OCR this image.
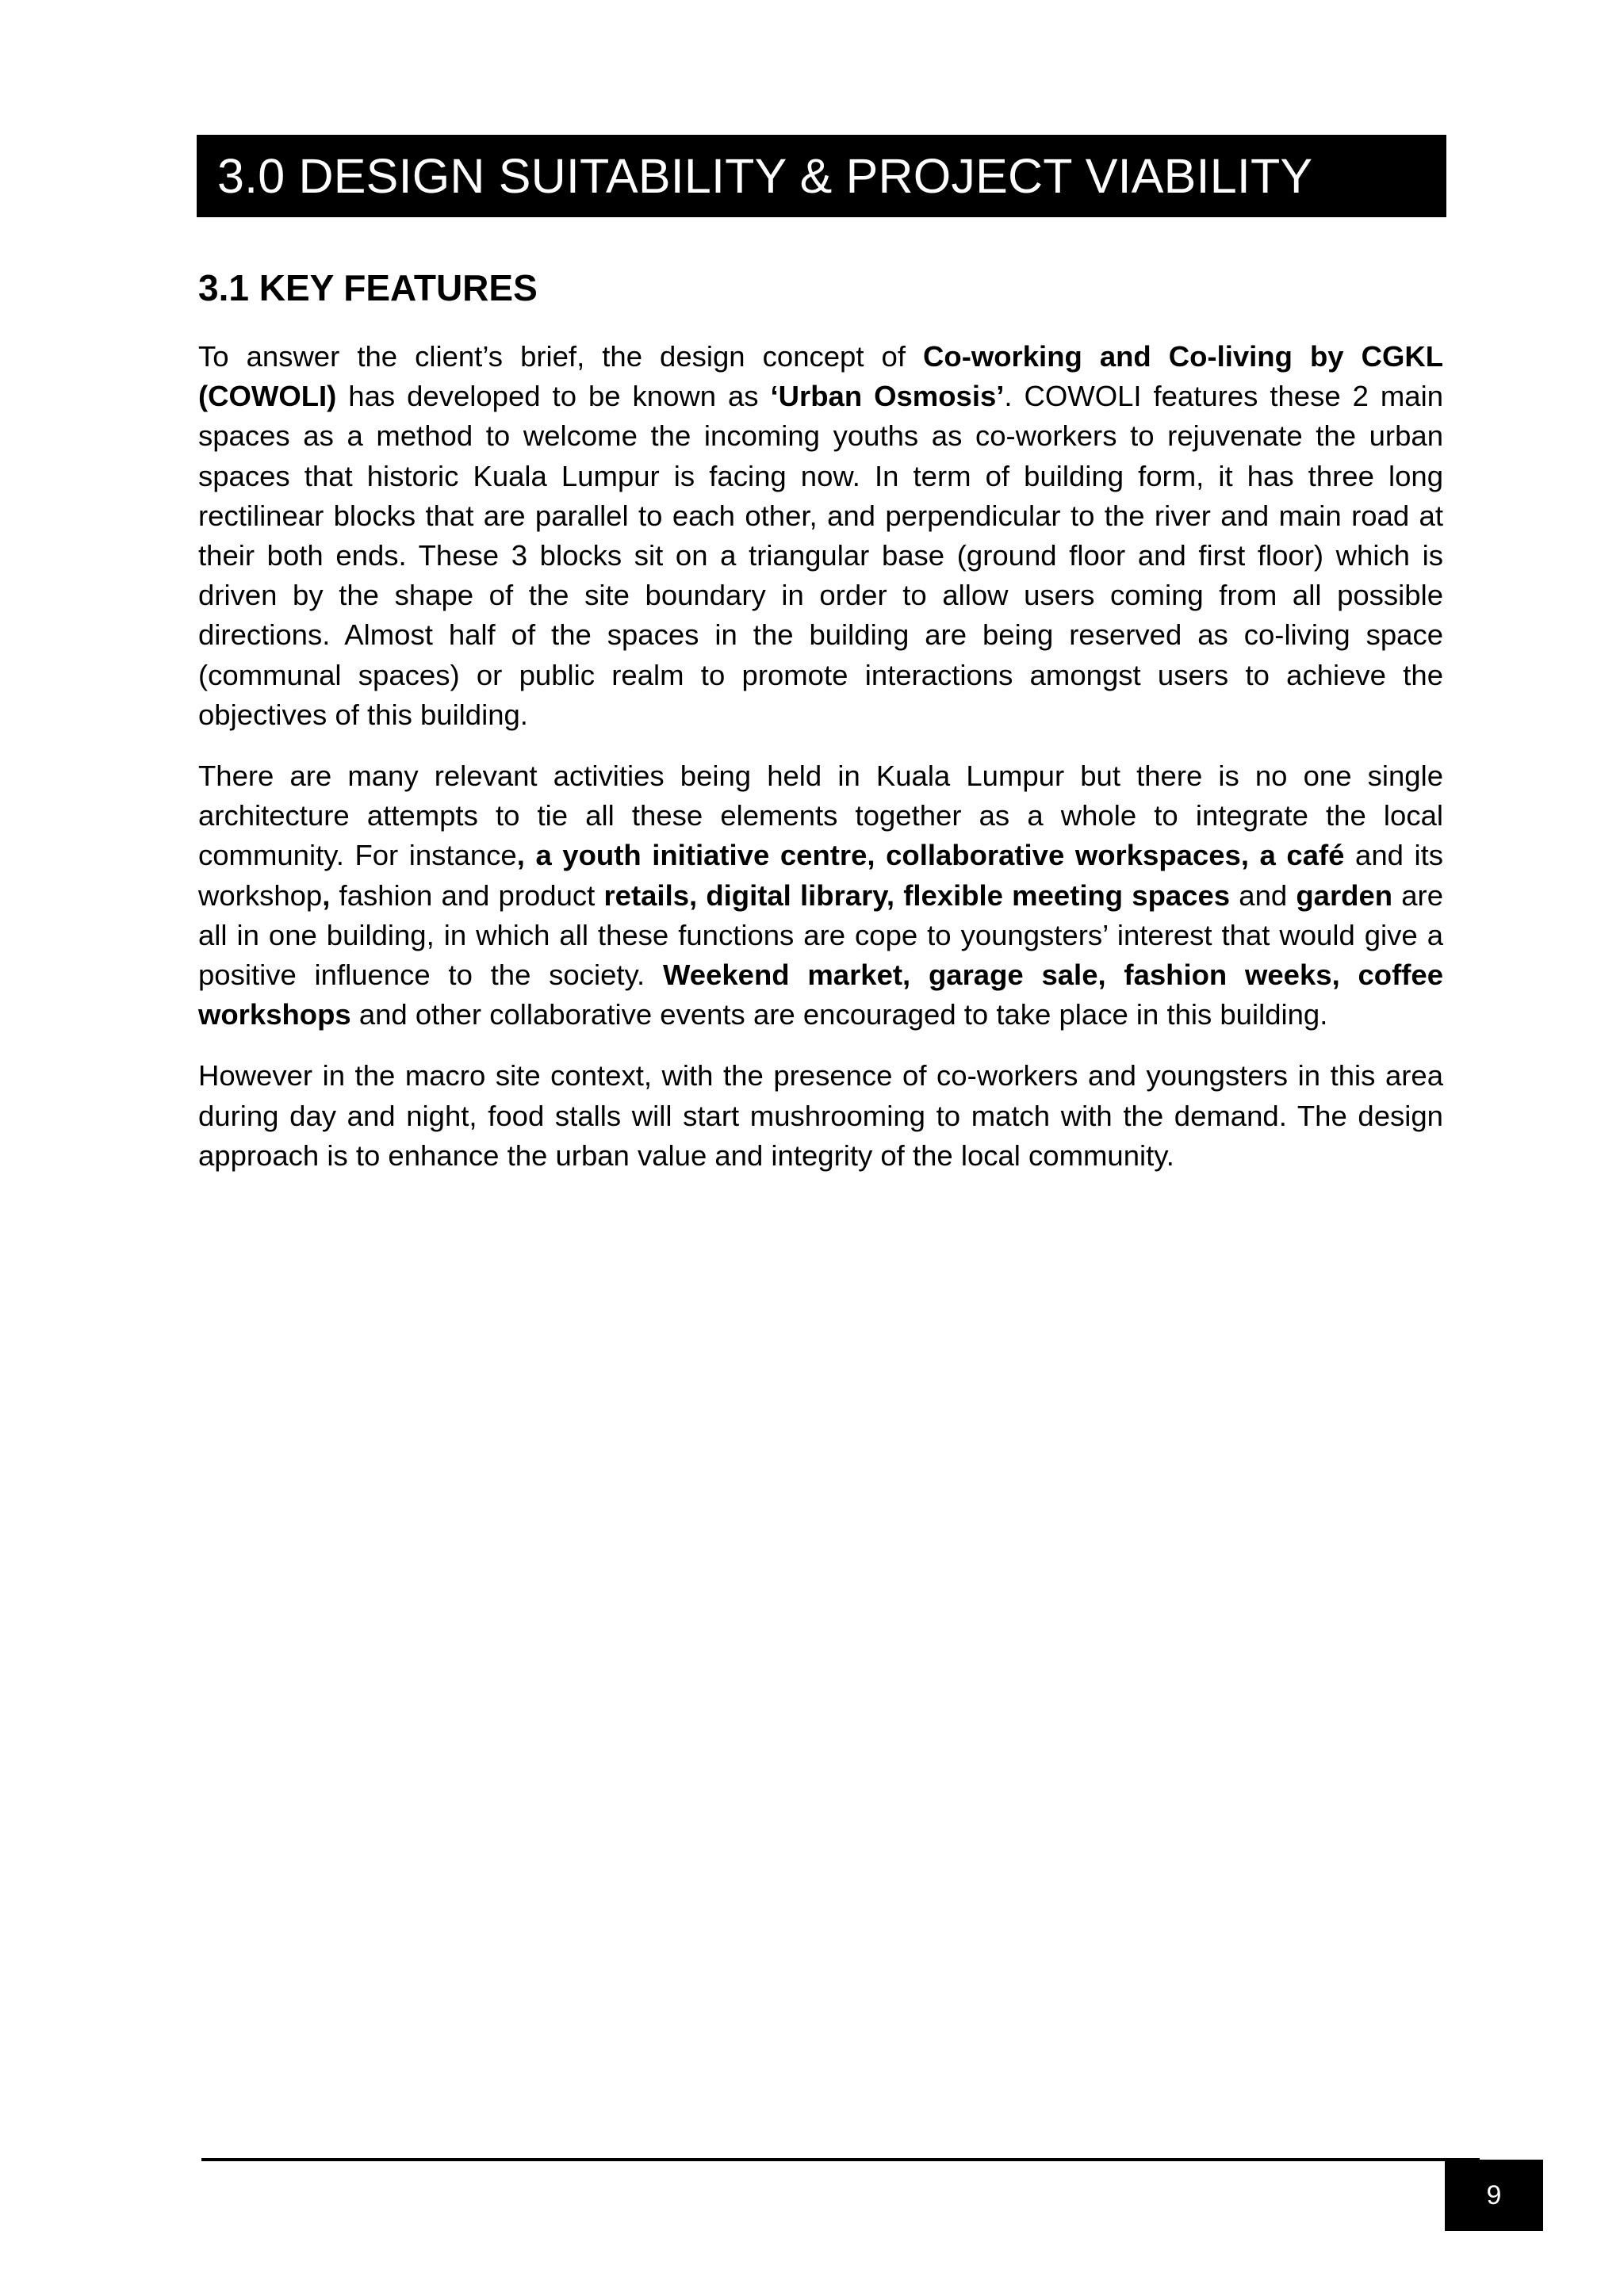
3.0 DESIGN SUITABILITY & PROJECT VIABILITY
3.1 KEY FEATURES

To answer the client’s brief, the design concept of Co-working and Co-living by CGKL (COWOLI) has developed to be known as ‘Urban Osmosis’. COWOLI features these 2 main spaces as a method to welcome the incoming youths as co-workers to rejuvenate the urban spaces that historic Kuala Lumpur is facing now. In term of building form, it has three long rectilinear blocks that are parallel to each other, and perpendicular to the river and main road at their both ends. These 3 blocks sit on a triangular base (ground floor and first floor) which is driven by the shape of the site boundary in order to allow users coming from all possible directions. Almost half of the spaces in the building are being reserved as co-living space (communal spaces) or public realm to promote interactions amongst users to achieve the objectives of this building.

There are many relevant activities being held in Kuala Lumpur but there is no one single architecture attempts to tie all these elements together as a whole to integrate the local community. For instance, a youth initiative centre, collaborative workspaces, a café and its workshop, fashion and product retails, digital library, flexible meeting spaces and garden are all in one building, in which all these functions are cope to youngsters’ interest that would give a positive influence to the society. Weekend market, garage sale, fashion weeks, coffee workshops and other collaborative events are encouraged to take place in this building.

However in the macro site context, with the presence of co-workers and youngsters in this area during day and night, food stalls will start mushrooming to match with the demand. The design approach is to enhance the urban value and integrity of the local community.

9
